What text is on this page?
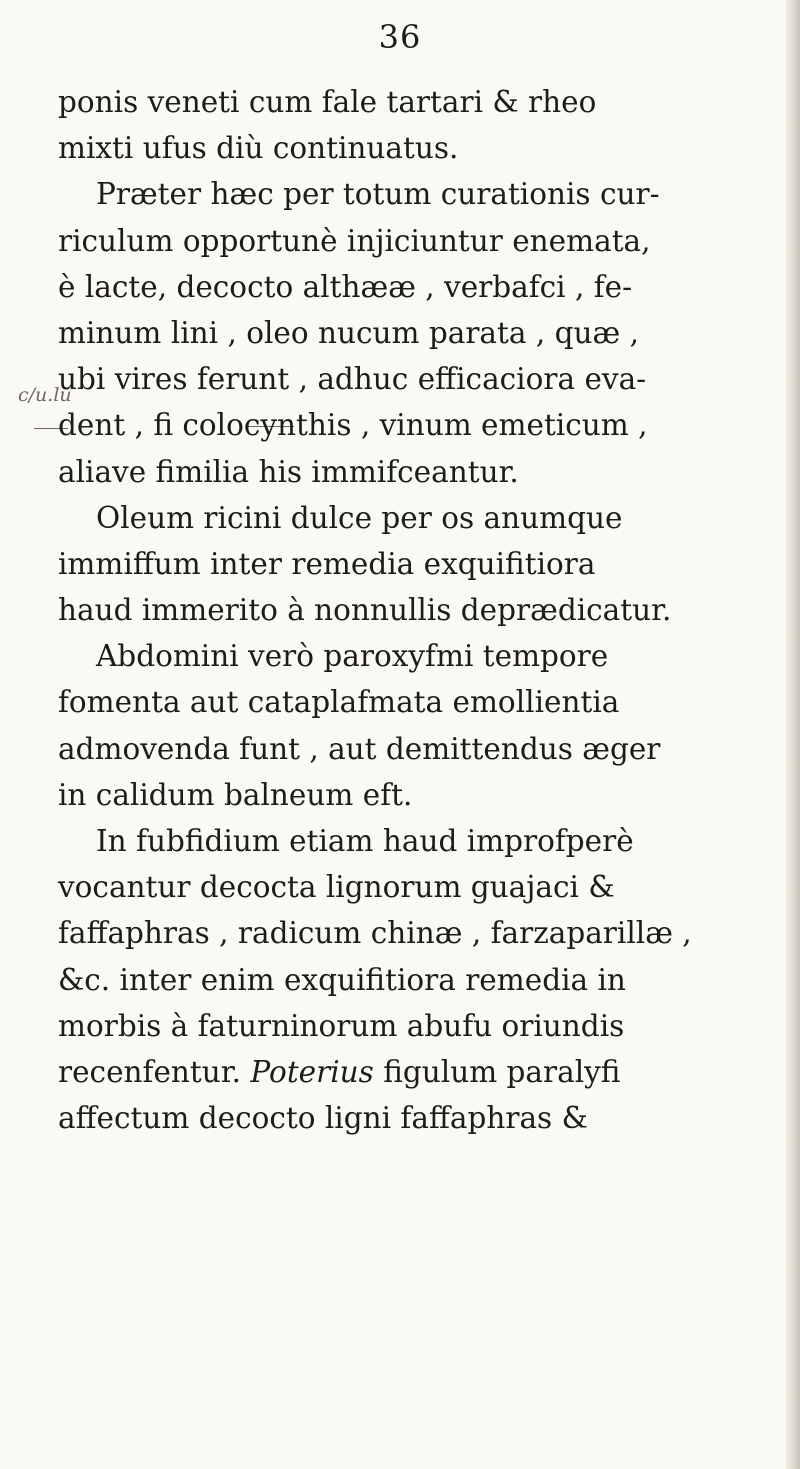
36
c/u.lu
ponis veneti cum fale tartari & rheo
mixti ufus diù continuatus.
Præter hæc per totum curationis cur-
riculum opportunè injiciuntur enemata,
è lacte, decocto althææ , verbafci , fe-
minum lini , oleo nucum parata , quæ ,
ubi vires ferunt , adhuc efficaciora eva-
dent , fi colocynthis , vinum emeticum ,
aliave fimilia his immifceantur.
Oleum ricini dulce per os anumque
immiffum inter remedia exquifitiora
haud immerito à nonnullis deprædicatur.
Abdomini verò paroxyfmi tempore
fomenta aut cataplafmata emollientia
admovenda funt , aut demittendus æger
in calidum balneum eft.
In fubfidium etiam haud improfperè
vocantur decocta lignorum guajaci &
faffaphras , radicum chinæ , farzaparillæ ,
&c. inter enim exquifitiora remedia in
morbis à faturninorum abufu oriundis
recenfentur. Poterius figulum paralyfi
affectum decocto ligni faffaphras &
